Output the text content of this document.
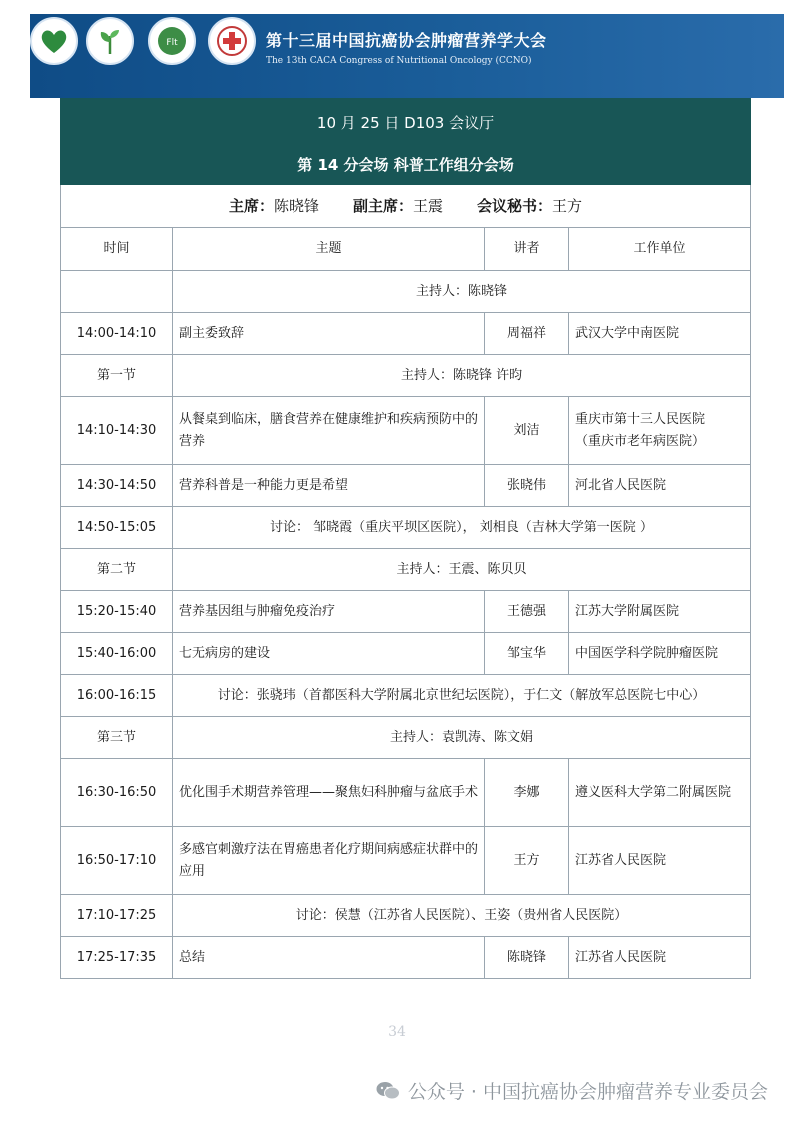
Flt	第十三届中国抗癌协会肿瘤营养学大会
The 13th CACA Congress of Nutritional Oncology (CCNO)
10 月 25 日 D103 会议厅			
第 14 分会场 科普工作组分会场			
主席：陈晓锋 副主席：王震 会议秘书：王方			
时间	主题	讲者	工作单位
	主持人：陈晓锋		
14:00-14:10	副主委致辞	周福祥	武汉大学中南医院
第一节	主持人：陈晓锋 许昀		
14:10-14:30	从餐桌到临床，膳食营养在健康维护和疾病预防中的营养	刘洁	重庆市第十三人民医院
（重庆市老年病医院）
14:30-14:50	营养科普是一种能力更是希望	张晓伟	河北省人民医院
14:50-15:05	讨论： 邹晓霞（重庆平坝区医院）， 刘相良（吉林大学第一医院 ）		
第二节	主持人：王震、陈贝贝		
15:20-15:40	营养基因组与肿瘤免疫治疗	王德强	江苏大学附属医院
15:40-16:00	七无病房的建设	邹宝华	中国医学科学院肿瘤医院
16:00-16:15	讨论：张骁玮（首都医科大学附属北京世纪坛医院），于仁文（解放军总医院七中心）		
第三节	主持人：袁凯涛、陈文娟		
16:30-16:50	优化围手术期营养管理——聚焦妇科肿瘤与盆底手术	李娜	遵义医科大学第二附属医院
16:50-17:10	多感官刺激疗法在胃癌患者化疗期间病感症状群中的应用	王方	江苏省人民医院
17:10-17:25	讨论：侯慧（江苏省人民医院）、王姿（贵州省人民医院）		
17:25-17:35	总结	陈晓锋	江苏省人民医院
34
公众号 · 中国抗癌协会肿瘤营养专业委员会
